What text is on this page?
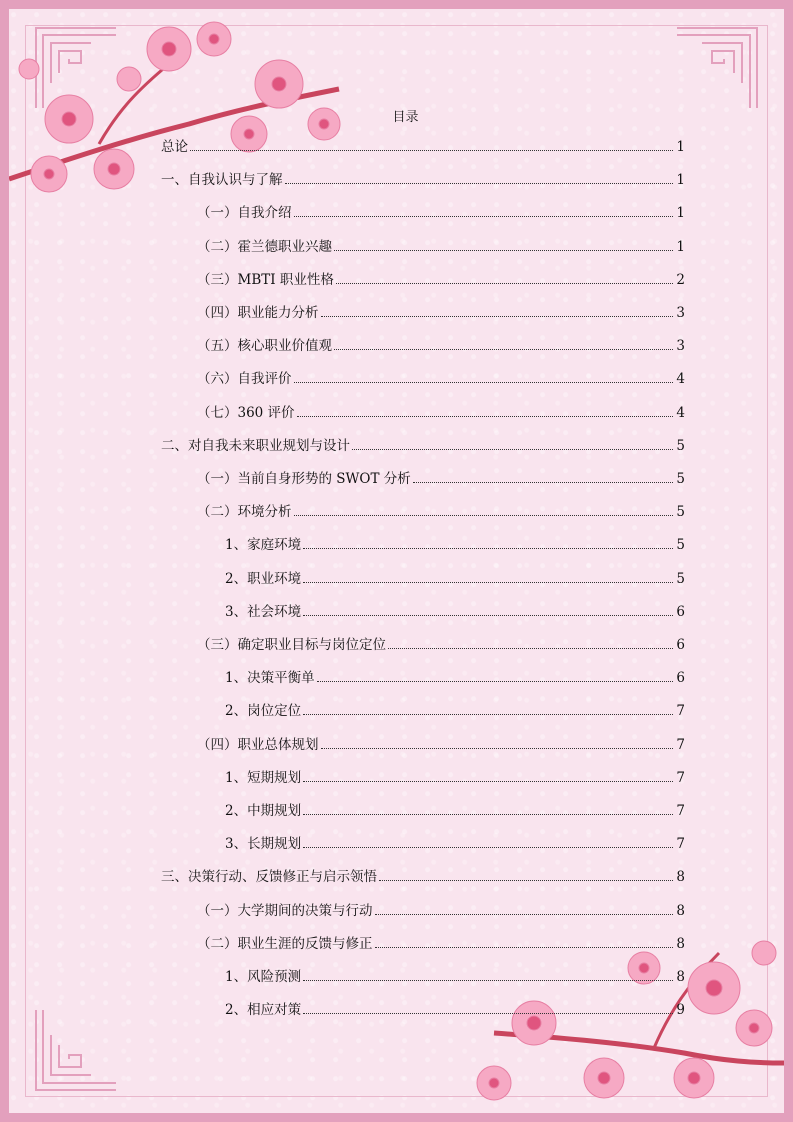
目录
总论	1
一、自我认识与了解	1
（一）自我介绍	1
（二）霍兰德职业兴趣	1
（三）MBTI 职业性格	2
（四）职业能力分析	3
（五）核心职业价值观	3
（六）自我评价	4
（七）360 评价	4
二、对自我未来职业规划与设计	5
（一）当前自身形势的 SWOT 分析	5
（二）环境分析	5
1、家庭环境	5
2、职业环境	5
3、社会环境	6
（三）确定职业目标与岗位定位	6
1、决策平衡单	6
2、岗位定位	7
（四）职业总体规划	7
1、短期规划	7
2、中期规划	7
3、长期规划	7
三、决策行动、反馈修正与启示领悟	8
（一）大学期间的决策与行动	8
（二）职业生涯的反馈与修正	8
1、风险预测	8
2、相应对策	9
